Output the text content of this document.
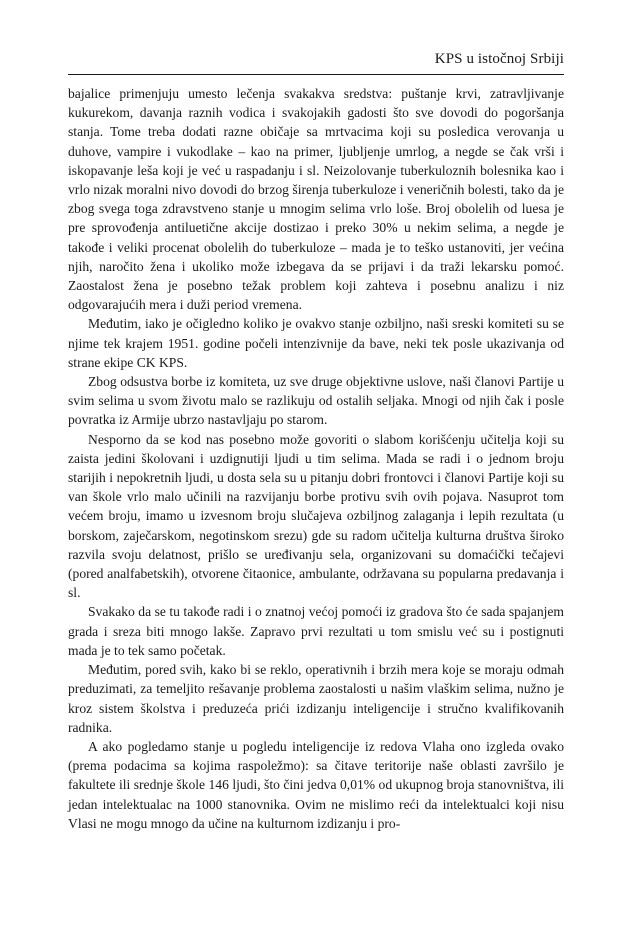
KPS u istočnoj Srbiji

bajalice primenjuju umesto lečenja svakakva sredstva: puštanje krvi, zatravljivanje kukurekom, davanja raznih vodica i svakojakih gadosti što sve dovodi do pogoršanja stanja. Tome treba dodati razne običaje sa mrtvacima koji su posledica verovanja u duhove, vampire i vukodlake – kao na primer, ljubljenje umrlog, a negde se čak vrši i iskopavanje leša koji je već u raspadanju i sl. Neizolovanje tuberkuloznih bolesnika kao i vrlo nizak moralni nivo dovodi do brzog širenja tuberkuloze i veneričnih bolesti, tako da je zbog svega toga zdravstveno stanje u mnogim selima vrlo loše. Broj obolelih od luesa je pre sprovođenja antiluetične akcije dostizao i preko 30% u nekim selima, a negde je takođe i veliki procenat obolelih do tuberkuloze – mada je to teško ustanoviti, jer većina njih, naročito žena i ukoliko može izbegava da se prijavi i da traži lekarsku pomoć. Zaostalost žena je posebno težak problem koji zahteva i posebnu analizu i niz odgovarajućih mera i duži period vremena.

Međutim, iako je očigledno koliko je ovakvo stanje ozbiljno, naši sreski komiteti su se njime tek krajem 1951. godine počeli intenzivnije da bave, neki tek posle ukazivanja od strane ekipe CK KPS.

Zbog odsustva borbe iz komiteta, uz sve druge objektivne uslove, naši članovi Partije u svim selima u svom životu malo se razlikuju od ostalih seljaka. Mnogi od njih čak i posle povratka iz Armije ubrzo nastavljaju po starom.

Nesporno da se kod nas posebno može govoriti o slabom korišćenju učitelja koji su zaista jedini školovani i uzdignutiji ljudi u tim selima. Mada se radi i o jednom broju starijih i nepokretnih ljudi, u dosta sela su u pitanju dobri frontovci i članovi Partije koji su van škole vrlo malo učinili na razvijanju borbe protivu svih ovih pojava. Nasuprot tom većem broju, imamo u izvesnom broju slučajeva ozbiljnog zalaganja i lepih rezultata (u borskom, zaječarskom, negotinskom srezu) gde su radom učitelja kulturna društva široko razvila svoju delatnost, prišlo se uređivanju sela, organizovani su domaćički tečajevi (pored analfabetskih), otvorene čitaonice, ambulante, održavana su popularna predavanja i sl.

Svakako da se tu takođe radi i o znatnoj većoj pomoći iz gradova što će sada spajanjem grada i sreza biti mnogo lakše. Zapravo prvi rezultati u tom smislu već su i postignuti mada je to tek samo početak.

Međutim, pored svih, kako bi se reklo, operativnih i brzih mera koje se moraju odmah preduzimati, za temeljito rešavanje problema zaostalosti u našim vlaškim selima, nužno je kroz sistem školstva i preduzeća prići izdizanju inteligencije i stručno kvalifikovanih radnika.

A ako pogledamo stanje u pogledu inteligencije iz redova Vlaha ono izgleda ovako (prema podacima sa kojima raspoležmo): sa čitave teritorije naše oblasti završilo je fakultete ili srednje škole 146 ljudi, što čini jedva 0,01% od ukupnog broja stanovništva, ili jedan intelektualac na 1000 stanovnika. Ovim ne mislimo reći da intelektualci koji nisu Vlasi ne mogu mnogo da učine na kulturnom izdizanju i pro-
